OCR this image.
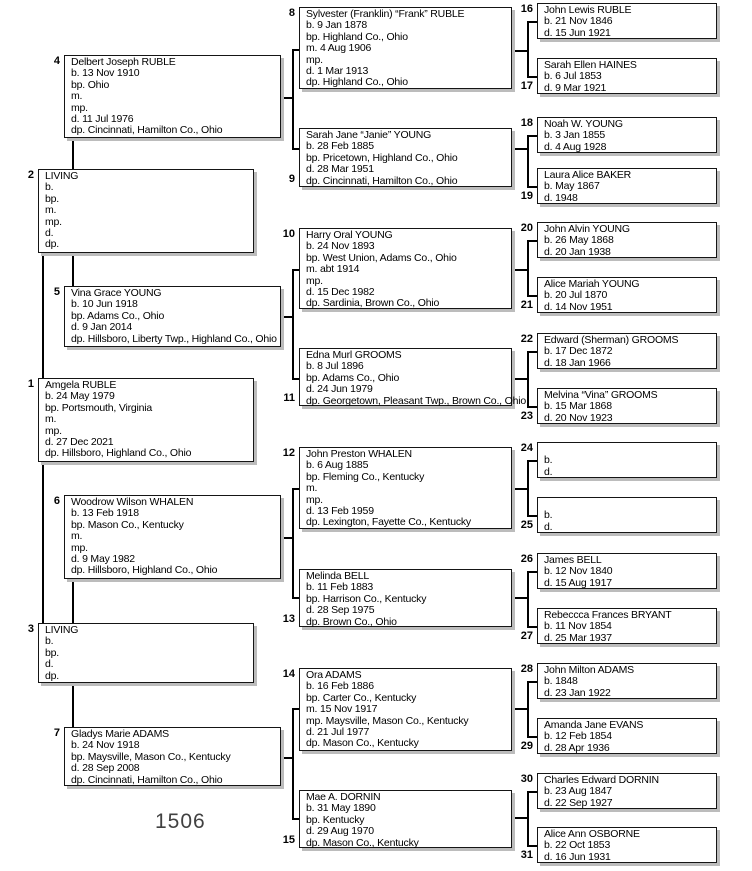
1 Amgela RUBLE
b. 24 May 1979
bp. Portsmouth, Virginia
m.
mp.
d. 27 Dec 2021
dp. Hillsboro, Highland Co., Ohio
2 LIVING
b.
bp.
m.
mp.
d.
dp.
3 LIVING
b.
bp.
d.
dp.
4 Delbert Joseph RUBLE
b. 13 Nov 1910
bp. Ohio
m.
mp.
d. 11 Jul 1976
dp. Cincinnati, Hamilton Co., Ohio
5 Vina Grace YOUNG
b. 10 Jun 1918
bp. Adams Co., Ohio
d. 9 Jan 2014
dp. Hillsboro, Liberty Twp., Highland Co., Ohio
6 Woodrow Wilson WHALEN
b. 13 Feb 1918
bp. Mason Co., Kentucky
m.
mp.
d. 9 May 1982
dp. Hillsboro, Highland Co., Ohio
7 Gladys Marie ADAMS
b. 24 Nov 1918
bp. Maysville, Mason Co., Kentucky
d. 28 Sep 2008
dp. Cincinnati, Hamilton Co., Ohio
8 Sylvester (Franklin) “Frank” RUBLE
b. 9 Jan 1878
bp. Highland Co., Ohio
m. 4 Aug 1906
mp.
d. 1 Mar 1913
dp. Highland Co., Ohio
9
Sarah Jane “Janie” YOUNG
b. 28 Feb 1885
bp. Pricetown, Highland Co., Ohio
d. 28 Mar 1951
dp. Cincinnati, Hamilton Co., Ohio
10 Harry Oral YOUNG
b. 24 Nov 1893
bp. West Union, Adams Co., Ohio
m. abt 1914
mp.
d. 15 Dec 1982
dp. Sardinia, Brown Co., Ohio
11
Edna Murl GROOMS
b. 8 Jul 1896
bp. Adams Co., Ohio
d. 24 Jun 1979
dp. Georgetown, Pleasant Twp., Brown Co., Ohio
12 John Preston WHALEN
b. 6 Aug 1885
bp. Fleming Co., Kentucky
m.
mp.
d. 13 Feb 1959
dp. Lexington, Fayette Co., Kentucky
13
Melinda BELL
b. 11 Feb 1883
bp. Harrison Co., Kentucky
d. 28 Sep 1975
dp. Brown Co., Ohio
14 Ora ADAMS
b. 16 Feb 1886
bp. Carter Co., Kentucky
m. 15 Nov 1917
mp. Maysville, Mason Co., Kentucky
d. 21 Jul 1977
dp. Mason Co., Kentucky
15
Mae A. DORNIN
b. 31 May 1890
bp. Kentucky
d. 29 Aug 1970
dp. Mason Co., Kentucky
16 John Lewis RUBLE
b. 21 Nov 1846
d. 15 Jun 1921
17
Sarah Ellen HAINES
b. 6 Jul 1853
d. 9 Mar 1921
18 Noah W. YOUNG
b. 3 Jan 1855
d. 4 Aug 1928
19
Laura Alice BAKER
b. May 1867
d. 1948
20 John Alvin YOUNG
b. 26 May 1868
d. 20 Jan 1938
21
Alice Mariah YOUNG
b. 20 Jul 1870
d. 14 Nov 1951
22 Edward (Sherman) GROOMS
b. 17 Dec 1872
d. 18 Jan 1966
23
Melvina “Vina” GROOMS
b. 15 Mar 1868
d. 20 Nov 1923
24
b.
d.
25
b.
d.
26 James BELL
b. 12 Nov 1840
d. 15 Aug 1917
27
Rebeccca Frances BRYANT
b. 11 Nov 1854
d. 25 Mar 1937
28 John Milton ADAMS
b. 1848
d. 23 Jan 1922
29
Amanda Jane EVANS
b. 12 Feb 1854
d. 28 Apr 1936
30 Charles Edward DORNIN
b. 23 Aug 1847
d. 22 Sep 1927
31
Alice Ann OSBORNE
b. 22 Oct 1853
d. 16 Jun 1931
1506
